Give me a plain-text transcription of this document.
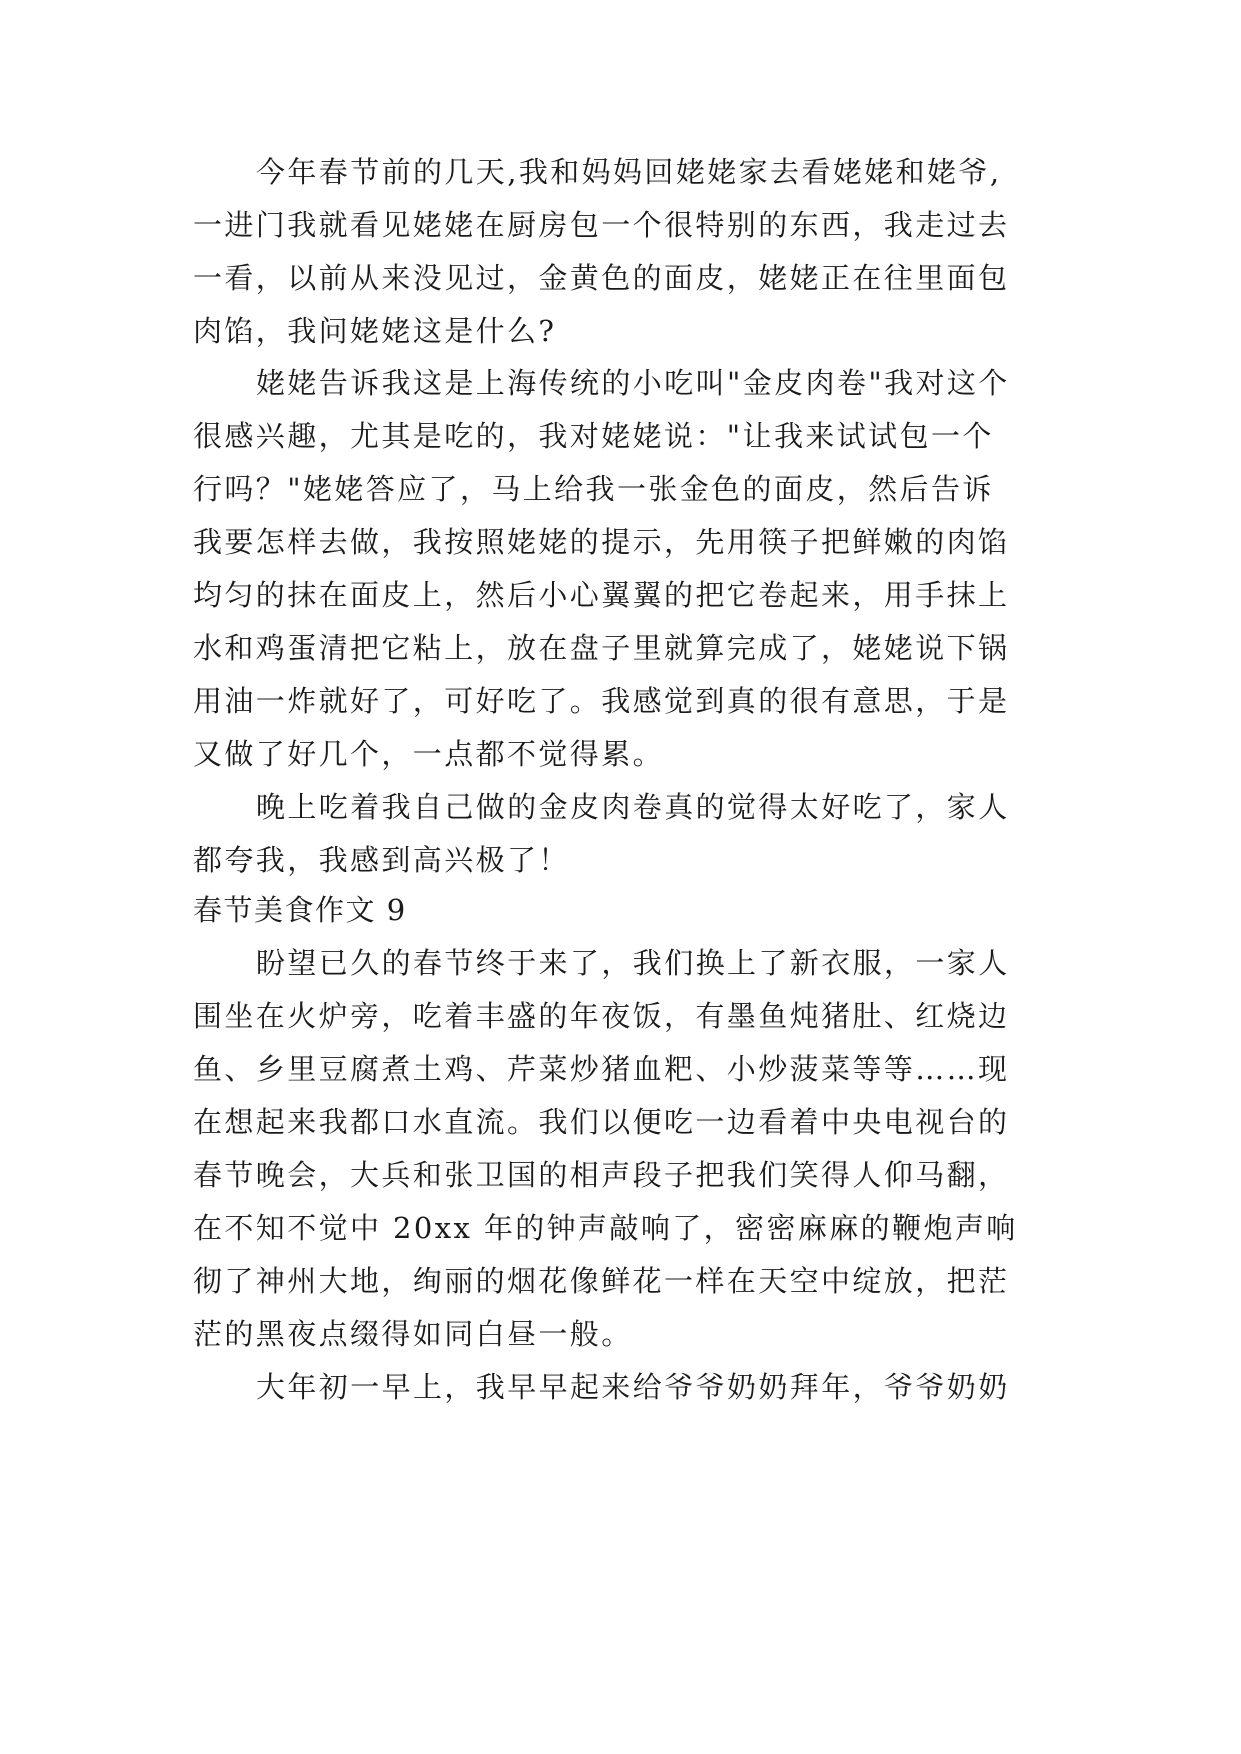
今年春节前的几天,我和妈妈回姥姥家去看姥姥和姥爷,
一进门我就看见姥姥在厨房包一个很特别的东西，我走过去
一看，以前从来没见过，金黄色的面皮，姥姥正在往里面包
肉馅，我问姥姥这是什么?
姥姥告诉我这是上海传统的小吃叫"金皮肉卷"我对这个
很感兴趣，尤其是吃的，我对姥姥说："让我来试试包一个
行吗？"姥姥答应了，马上给我一张金色的面皮，然后告诉
我要怎样去做，我按照姥姥的提示，先用筷子把鲜嫩的肉馅
均匀的抹在面皮上，然后小心翼翼的把它卷起来，用手抹上
水和鸡蛋清把它粘上，放在盘子里就算完成了，姥姥说下锅
用油一炸就好了，可好吃了。我感觉到真的很有意思，于是
又做了好几个，一点都不觉得累。
晚上吃着我自己做的金皮肉卷真的觉得太好吃了，家人
都夸我，我感到高兴极了！
春节美食作文 9
盼望已久的春节终于来了，我们换上了新衣服，一家人
围坐在火炉旁，吃着丰盛的年夜饭，有墨鱼炖猪肚、红烧边
鱼、乡里豆腐煮土鸡、芹菜炒猪血粑、小炒菠菜等等……现
在想起来我都口水直流。我们以便吃一边看着中央电视台的
春节晚会，大兵和张卫国的相声段子把我们笑得人仰马翻，
在不知不觉中 20xx 年的钟声敲响了，密密麻麻的鞭炮声响
彻了神州大地，绚丽的烟花像鲜花一样在天空中绽放，把茫
茫的黑夜点缀得如同白昼一般。
大年初一早上，我早早起来给爷爷奶奶拜年，爷爷奶奶
